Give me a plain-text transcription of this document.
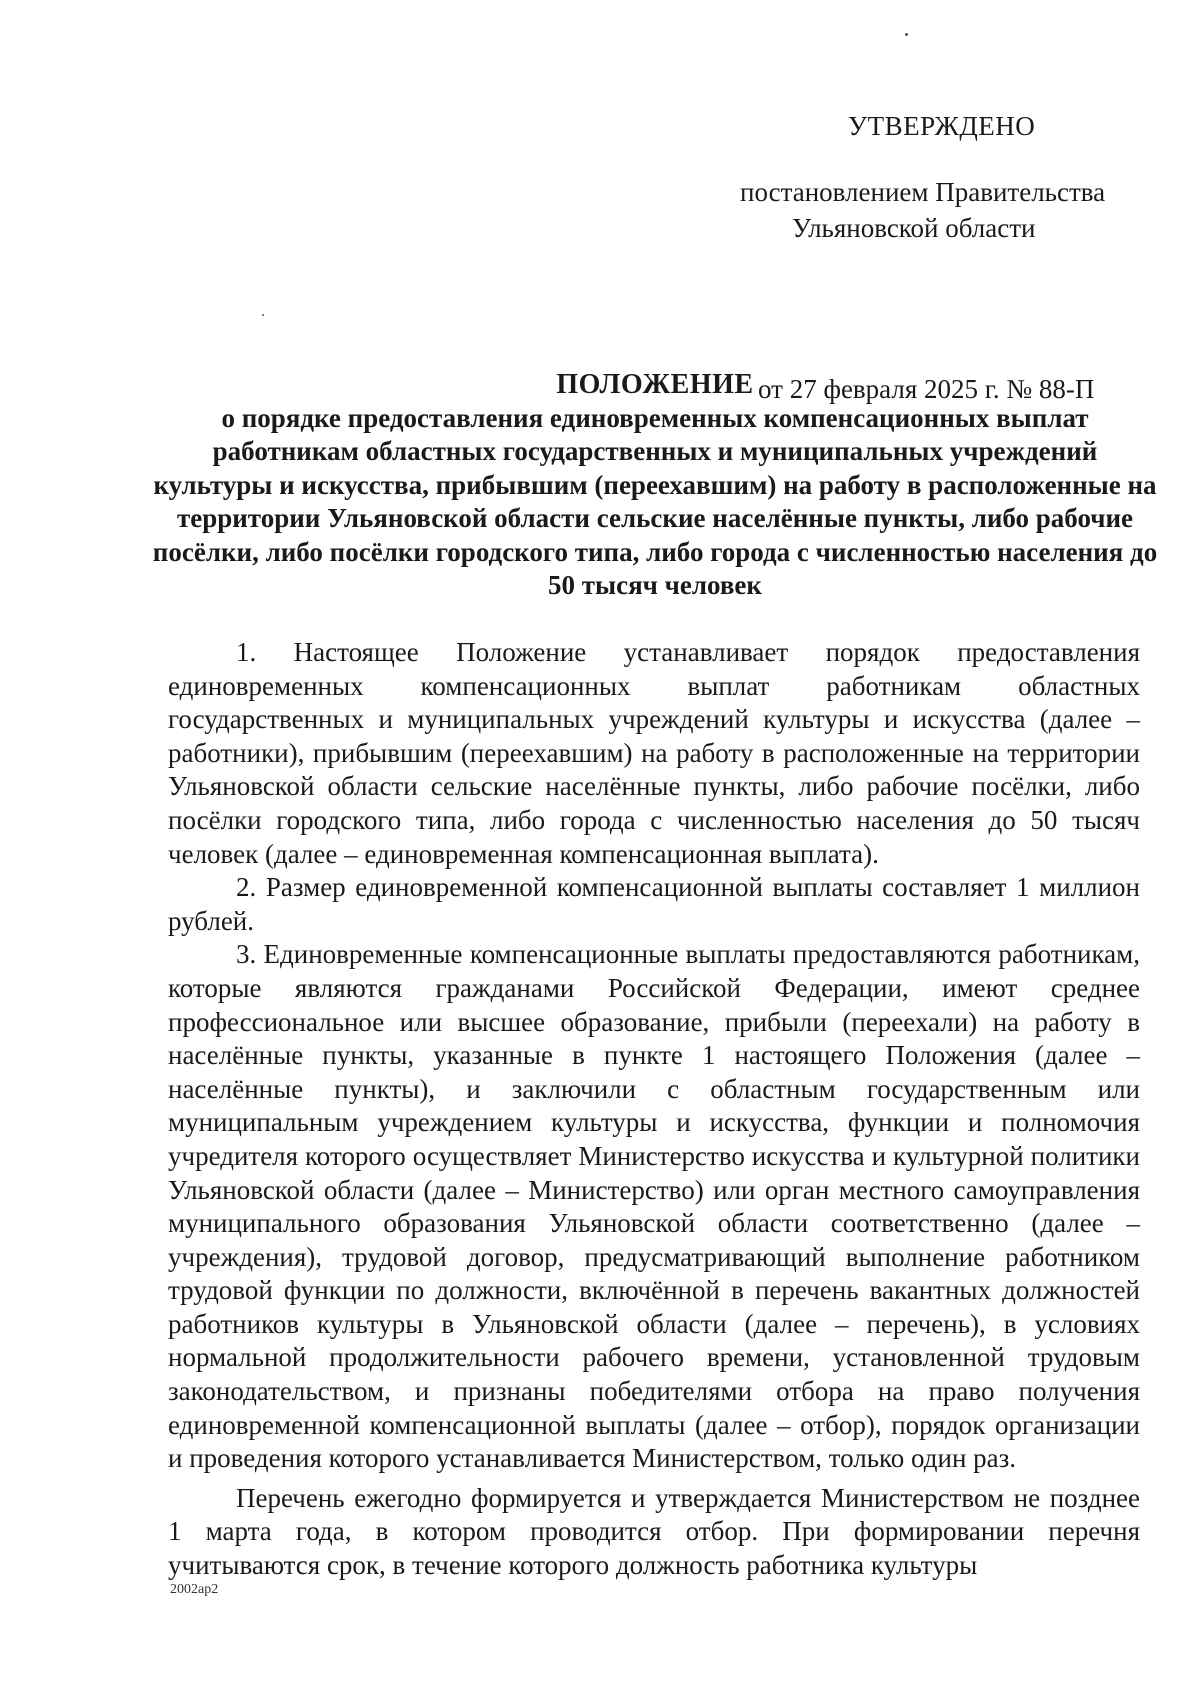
УТВЕРЖДЕНО
постановлением Правительства
Ульяновской области
от 27 февраля 2025 г. № 88-П
ПОЛОЖЕНИЕ
о порядке предоставления единовременных компенсационных выплат работникам областных государственных и муниципальных учреждений культуры и искусства, прибывшим (переехавшим) на работу в расположенные на территории Ульяновской области сельские населённые пункты, либо рабочие посёлки, либо посёлки городского типа, либо города с численностью населения до 50 тысяч человек

1. Настоящее Положение устанавливает порядок предоставления единовременных компенсационных выплат работникам областных государственных и муниципальных учреждений культуры и искусства (далее – работники), прибывшим (переехавшим) на работу в расположенные на территории Ульяновской области сельские населённые пункты, либо рабочие посёлки, либо посёлки городского типа, либо города с численностью населения до 50 тысяч человек (далее – единовременная компенсационная выплата).

2. Размер единовременной компенсационной выплаты составляет 1 миллион рублей.

3. Единовременные компенсационные выплаты предоставляются работникам, которые являются гражданами Российской Федерации, имеют среднее профессиональное или высшее образование, прибыли (переехали) на работу в населённые пункты, указанные в пункте 1 настоящего Положения (далее – населённые пункты), и заключили с областным государственным или муниципальным учреждением культуры и искусства, функции и полномочия учредителя которого осуществляет Министерство искусства и культурной политики Ульяновской области (далее – Министерство) или орган местного самоуправления муниципального образования Ульяновской области соответственно (далее – учреждения), трудовой договор, предусматривающий выполнение работником трудовой функции по должности, включённой в перечень вакантных должностей работников культуры в Ульяновской области (далее – перечень), в условиях нормальной продолжительности рабочего времени, установленной трудовым законодательством, и признаны победителями отбора на право получения единовременной компенсационной выплаты (далее – отбор), порядок организации и проведения которого устанавливается Министерством, только один раз.

Перечень ежегодно формируется и утверждается Министерством не позднее 1 марта года, в котором проводится отбор. При формировании перечня учитываются срок, в течение которого должность работника культуры

2002ар2
